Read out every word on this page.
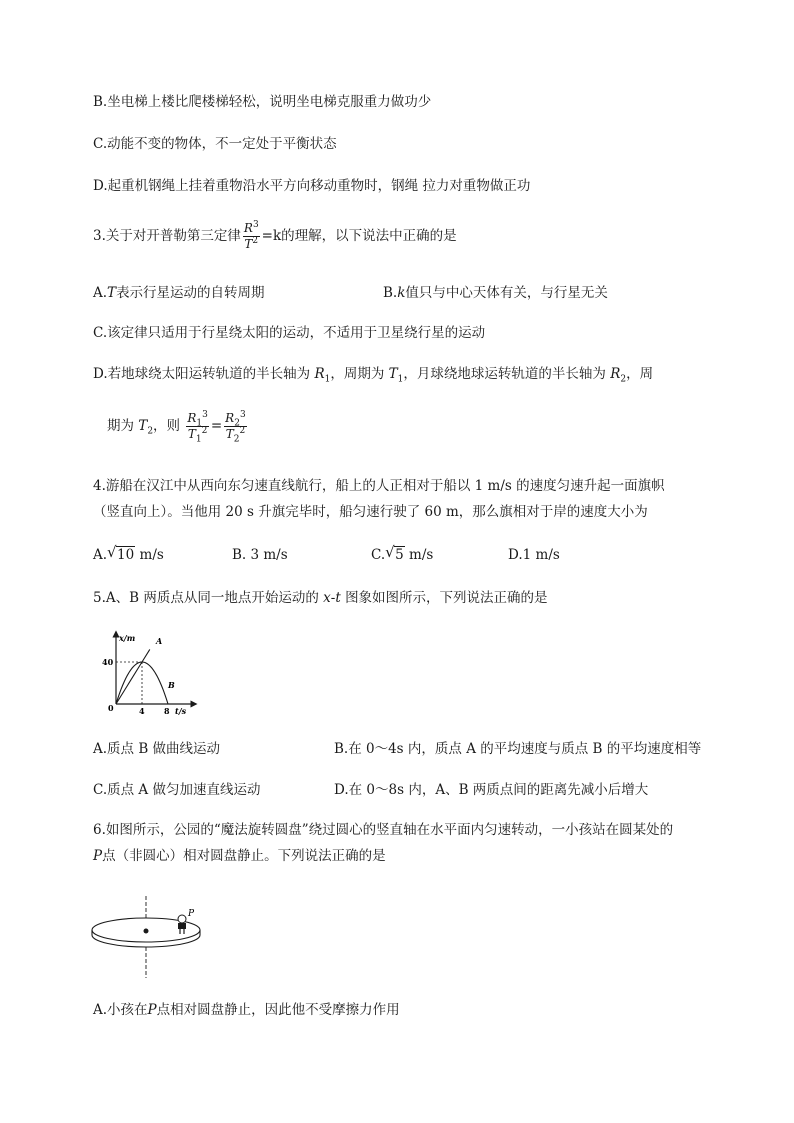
B.坐电梯上楼比爬楼梯轻松，说明坐电梯克服重力做功少
C.动能不变的物体，不一定处于平衡状态
D.起重机钢绳上挂着重物沿水平方向移动重物时，钢绳 拉力对重物做正功
3.关于对开普勒第三定律 $\frac{R^3}{T^2} =k$的理解，以下说法中正确的是
A.T表示行星运动的自转周期	B.k值只与中心天体有关，与行星无关
C.该定律只适用于行星绕太阳的运动，不适用于卫星绕行星的运动
D.若地球绕太阳运转轨道的半长轴为 $R_1$，周期为 $T_1$，月球绕地球运转轨道的半长轴为 $R_2$，周
期为 $T_2$，则 $\frac{R_1^3}{T_1^2} = \frac{R_2^3}{T_2^2}$
4.游船在汉江中从西向东匀速直线航行，船上的人正相对于船以 1 m/s 的速度匀速升起一面旗帜
（竖直向上）。当他用 20 s 升旗完毕时，船匀速行驶了 60 m，那么旗相对于岸的速度大小为
A. √ 10 m/s	B. 3 m/s	C. √ 5 m/s	D.1 m/s
5.A、B 两质点从同一地点开始运动的 x-t 图象如图所示，下列说法正确的是
x/m
t/s
0
40
4 8
A
B
A.质点 B 做曲线运动	B.在 0～4s 内，质点 A 的平均速度与质点 B 的平均速度相等
C.质点 A 做匀加速直线运动	D.在 0～8s 内，A、B 两质点间的距离先减小后增大
6.如图所示，公园的“魔法旋转圆盘”绕过圆心的竖直轴在水平面内匀速转动，一小孩站在圆某处的
P点（非圆心）相对圆盘静止。下列说法正确的是
P
A.小孩在P点相对圆盘静止，因此他不受摩擦力作用
